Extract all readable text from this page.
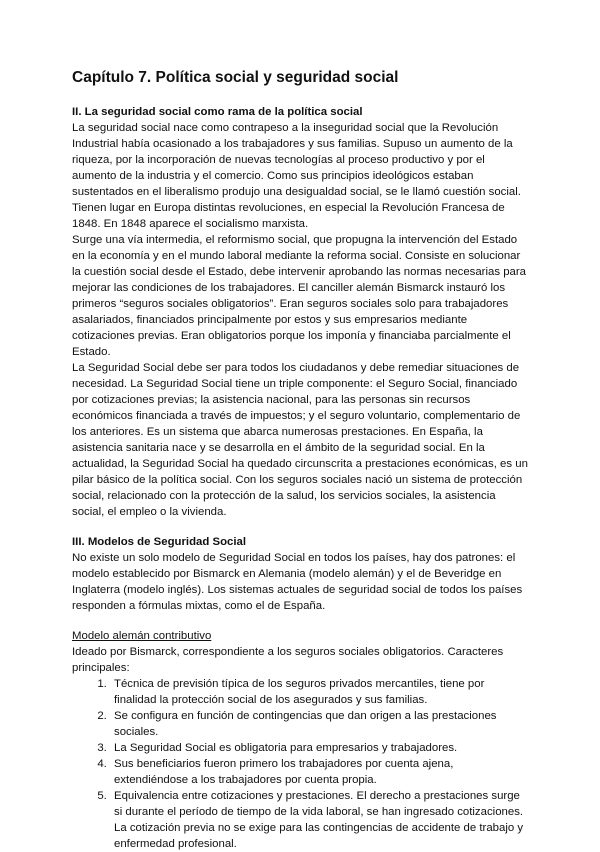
Capítulo 7. Política social y seguridad social
II. La seguridad social como rama de la política social

La seguridad social nace como contrapeso a la inseguridad social que la Revolución Industrial había ocasionado a los trabajadores y sus familias. Supuso un aumento de la riqueza, por la incorporación de nuevas tecnologías al proceso productivo y por el aumento de la industria y el comercio. Como sus principios ideológicos estaban sustentados en el liberalismo produjo una desigualdad social, se le llamó cuestión social.

Tienen lugar en Europa distintas revoluciones, en especial la Revolución Francesa de 1848. En 1848 aparece el socialismo marxista.

Surge una vía intermedia, el reformismo social, que propugna la intervención del Estado en la economía y en el mundo laboral mediante la reforma social. Consiste en solucionar la cuestión social desde el Estado, debe intervenir aprobando las normas necesarias para mejorar las condiciones de los trabajadores. El canciller alemán Bismarck instauró los primeros “seguros sociales obligatorios”. Eran seguros sociales solo para trabajadores asalariados, financiados principalmente por estos y sus empresarios mediante cotizaciones previas. Eran obligatorios porque los imponía y financiaba parcialmente el Estado.

La Seguridad Social debe ser para todos los ciudadanos y debe remediar situaciones de necesidad. La Seguridad Social tiene un triple componente: el Seguro Social, financiado por cotizaciones previas; la asistencia nacional, para las personas sin recursos económicos financiada a través de impuestos; y el seguro voluntario, complementario de los anteriores. Es un sistema que abarca numerosas prestaciones. En España, la asistencia sanitaria nace y se desarrolla en el ámbito de la seguridad social. En la actualidad, la Seguridad Social ha quedado circunscrita a prestaciones económicas, es un pilar básico de la política social. Con los seguros sociales nació un sistema de protección social, relacionado con la protección de la salud, los servicios sociales, la asistencia social, el empleo o la vivienda.

III. Modelos de Seguridad Social

No existe un solo modelo de Seguridad Social en todos los países, hay dos patrones: el modelo establecido por Bismarck en Alemania (modelo alemán) y el de Beveridge en Inglaterra (modelo inglés). Los sistemas actuales de seguridad social de todos los países responden a fórmulas mixtas, como el de España.

Modelo alemán contributivo

Ideado por Bismarck, correspondiente a los seguros sociales obligatorios. Caracteres principales:

1. Técnica de previsión típica de los seguros privados mercantiles, tiene por finalidad la protección social de los asegurados y sus familias.
2. Se configura en función de contingencias que dan origen a las prestaciones sociales.
3. La Seguridad Social es obligatoria para empresarios y trabajadores.
4. Sus beneficiarios fueron primero los trabajadores por cuenta ajena, extendiéndose a los trabajadores por cuenta propia.
5. Equivalencia entre cotizaciones y prestaciones. El derecho a prestaciones surge si durante el período de tiempo de la vida laboral, se han ingresado cotizaciones. La cotización previa no se exige para las contingencias de accidente de trabajo y enfermedad profesional.
